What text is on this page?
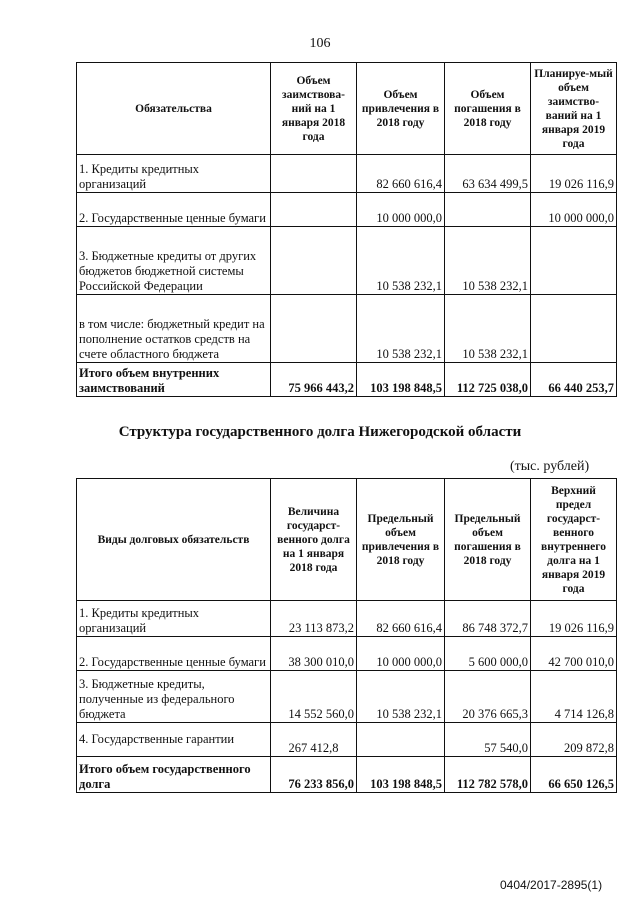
106
Обязательства	Объем заимствова-ний на 1 января 2018 года	Объем привлечения в 2018 году	Объем погашения в 2018 году	Планируе-мый объем заимство-ваний на 1 января 2019 года
1. Кредиты кредитных организаций		82 660 616,4	63 634 499,5	19 026 116,9
2. Государственные ценные бумаги		10 000 000,0		10 000 000,0
3. Бюджетные кредиты от других бюджетов бюджетной системы Российской Федерации		10 538 232,1	10 538 232,1	
в том числе: бюджетный кредит на пополнение остатков средств на счете областного бюджета		10 538 232,1	10 538 232,1	
Итого объем внутренних заимствований	75 966 443,2	103 198 848,5	112 725 038,0	66 440 253,7
Структура государственного долга Нижегородской области
(тыс. рублей)
Виды долговых обязательств	Величина государст-венного долга на 1 января 2018 года	Предельный объем привлечения в 2018 году	Предельный объем погашения в 2018 году	Верхний предел государст-венного внутреннего долга на 1 января 2019 года
1. Кредиты кредитных организаций	23 113 873,2	82 660 616,4	86 748 372,7	19 026 116,9
2. Государственные ценные бумаги	38 300 010,0	10 000 000,0	5 600 000,0	42 700 010,0
3. Бюджетные кредиты, полученные из федерального бюджета	14 552 560,0	10 538 232,1	20 376 665,3	4 714 126,8
4. Государственные гарантии	267 412,8		57 540,0	209 872,8
Итого объем государственного долга	76 233 856,0	103 198 848,5	112 782 578,0	66 650 126,5
0404/2017-2895(1)
